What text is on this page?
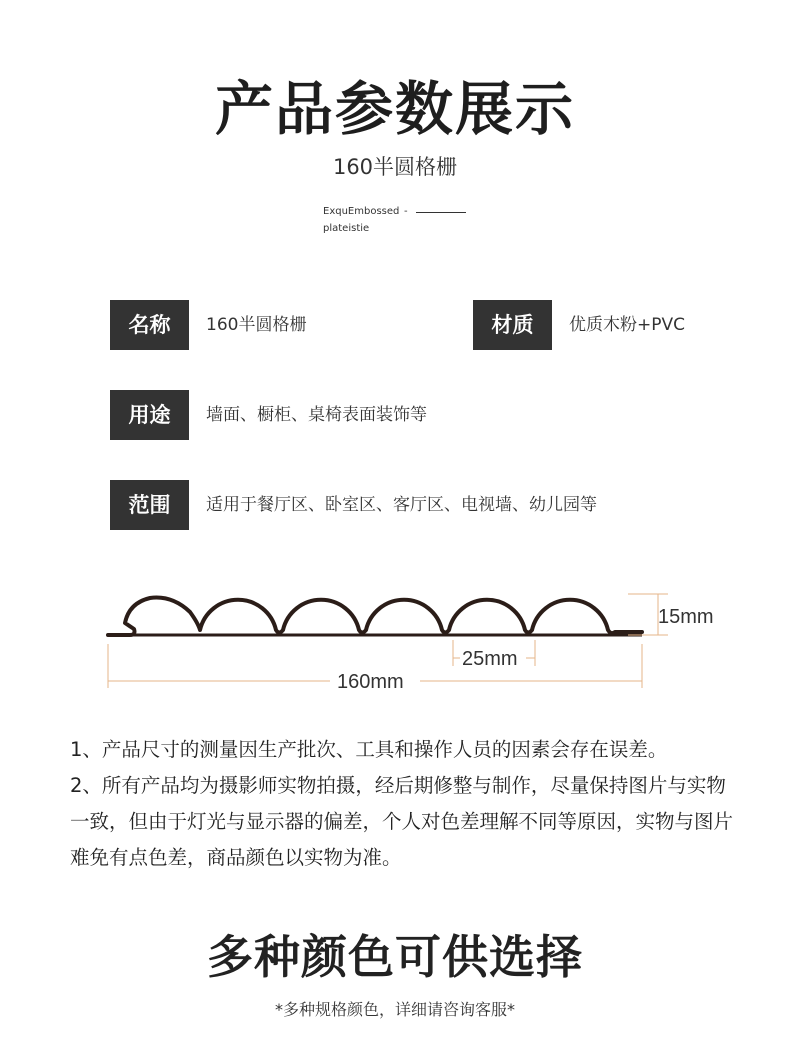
产品参数展示
160半圆格栅
ExquEmbossed -
plateistie
名称	160半圆格栅	材质	优质木粉+PVC
用途	墙面、橱柜、桌椅表面装饰等
范围	适用于餐厅区、卧室区、客厅区、电视墙、幼儿园等
15mm
25mm
160mm

1、产品尺寸的测量因生产批次、工具和操作人员的因素会存在误差。

2、所有产品均为摄影师实物拍摄，经后期修整与制作，尽量保持图片与实物一致，但由于灯光与显示器的偏差，个人对色差理解不同等原因，实物与图片难免有点色差，商品颜色以实物为准。

多种颜色可供选择
*多种规格颜色，详细请咨询客服*
